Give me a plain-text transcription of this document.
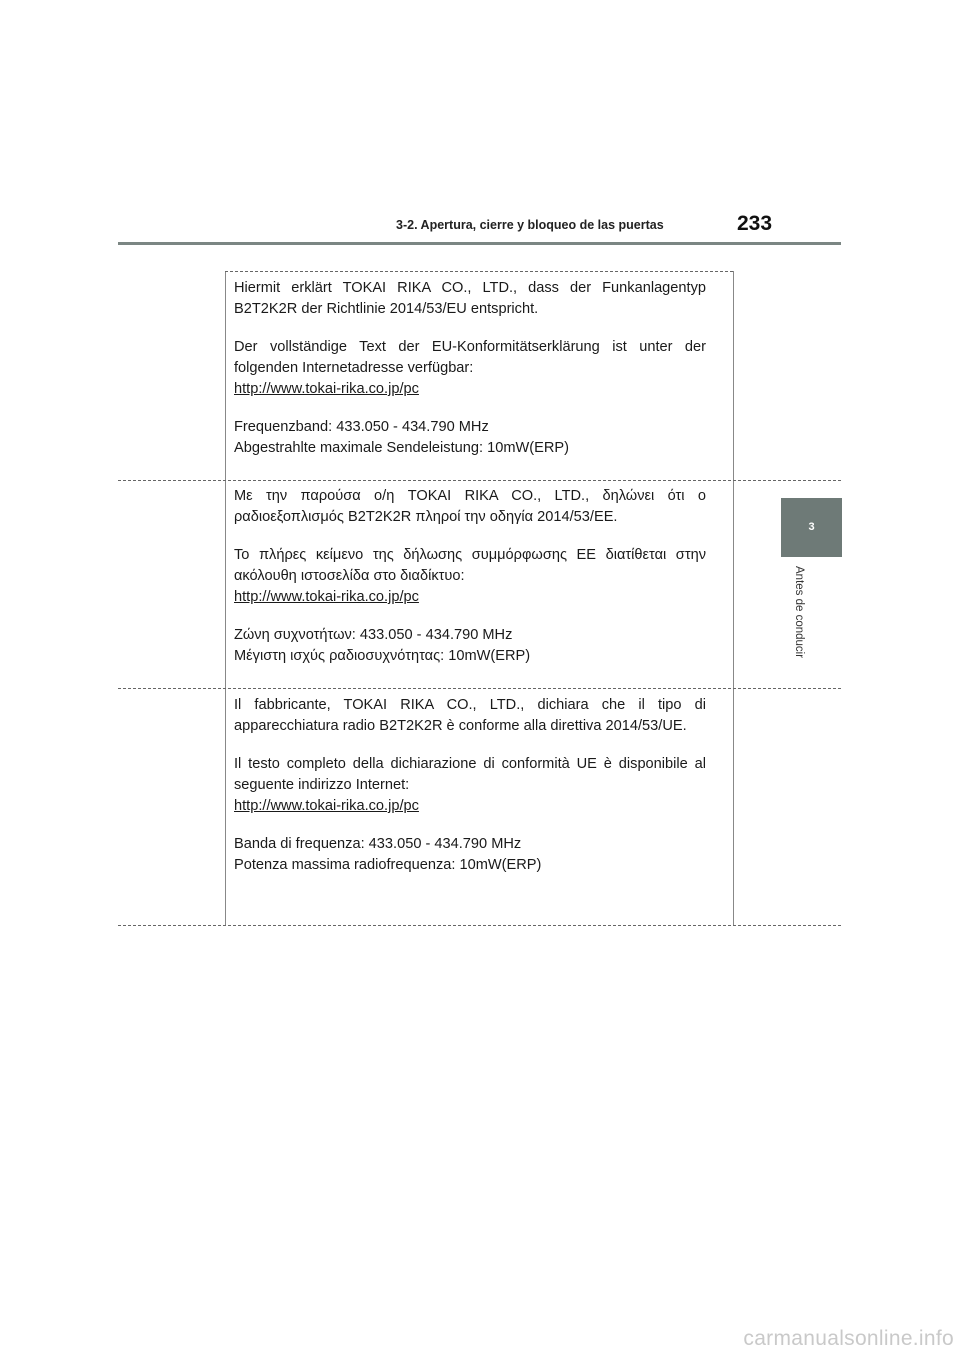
3-2. Apertura, cierre y bloqueo de las puertas	233
3
Antes de conducir

Hiermit erklärt TOKAI RIKA CO., LTD., dass der Funkanlagentyp B2T2K2R der Richtlinie 2014/53/EU entspricht.

Der vollständige Text der EU-Konformitätserklärung ist unter der folgenden Internetadresse verfügbar:

http://www.tokai-rika.co.jp/pc

Frequenzband: 433.050 - 434.790 MHz

Abgestrahlte maximale Sendeleistung: 10mW(ERP)

Με την παρούσα ο/η TOKAI RIKA CO., LTD., δηλώνει ότι ο ραδιοεξοπλισμός B2T2K2R πληροί την οδηγία 2014/53/ΕΕ.

Το πλήρες κείμενο της δήλωσης συμμόρφωσης ΕΕ διατίθεται στην ακόλουθη ιστοσελίδα στο διαδίκτυο:

http://www.tokai-rika.co.jp/pc

Ζώνη συχνοτήτων: 433.050 - 434.790 MHz

Μέγιστη ισχύς ραδιοσυχνότητας: 10mW(ERP)

Il fabbricante, TOKAI RIKA CO., LTD., dichiara che il tipo di apparecchiatura radio B2T2K2R è conforme alla direttiva 2014/53/UE.

Il testo completo della dichiarazione di conformità UE è disponibile al seguente indirizzo Internet:

http://www.tokai-rika.co.jp/pc

Banda di frequenza: 433.050 - 434.790 MHz

Potenza massima radiofrequenza: 10mW(ERP)

carmanualsonline.info
